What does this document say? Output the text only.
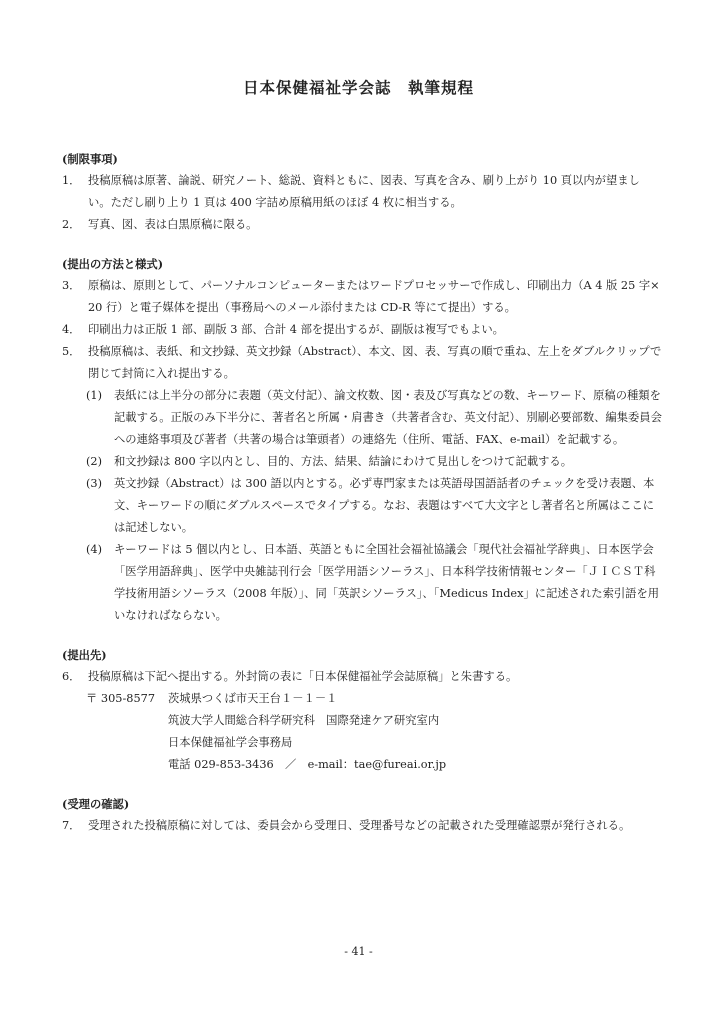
日本保健福祉学会誌　執筆規程
(制限事項)
1． 投稿原稿は原著、論説、研究ノート、総説、資料ともに、図表、写真を含み、刷り上がり 10 頁以内が望ましい。ただし刷り上り 1 頁は 400 字詰め原稿用紙のほぼ 4 枚に相当する。
2． 写真、図、表は白黒原稿に限る。
(提出の方法と様式)
3． 原稿は、原則として、パーソナルコンピューターまたはワードプロセッサーで作成し、印刷出力（A 4 版 25 字× 20 行）と電子媒体を提出（事務局へのメール添付または CD-R 等にて提出）する。
4． 印刷出力は正版 1 部、副版 3 部、合計 4 部を提出するが、副版は複写でもよい。
5． 投稿原稿は、表紙、和文抄録、英文抄録（Abstract）、本文、図、表、写真の順で重ね、左上をダブルクリップで閉じて封筒に入れ提出する。
(1)	表紙には上半分の部分に表題（英文付記）、論文枚数、図・表及び写真などの数、キーワード、原稿の種類を記載する。正版のみ下半分に、著者名と所属・肩書き（共著者含む、英文付記）、別刷必要部数、編集委員会への連絡事項及び著者（共著の場合は筆頭者）の連絡先（住所、電話、FAX、e-mail）を記載する。
(2)	和文抄録は 800 字以内とし、目的、方法、結果、結論にわけて見出しをつけて記載する。
(3)	英文抄録（Abstract）は 300 語以内とする。必ず専門家または英語母国語話者のチェックを受け表題、本文、キーワードの順にダブルスペースでタイプする。なお、表題はすべて大文字とし著者名と所属はここには記述しない。
(4)	キーワードは 5 個以内とし、日本語、英語ともに全国社会福祉協議会「現代社会福祉学辞典」、日本医学会「医学用語辞典」、医学中央雑誌刊行会「医学用語シソーラス」、日本科学技術情報センター「ＪＩＣＳＴ科学技術用語シソーラス（2008 年版）」、同「英訳シソーラス」、「Medicus Index」に記述された索引語を用いなければならない。
(提出先)
6． 投稿原稿は下記へ提出する。外封筒の表に「日本保健福祉学会誌原稿」と朱書する。
〒 305-8577	茨城県つくば市天王台１－１－１
筑波大学人間総合科学研究科　国際発達ケア研究室内
日本保健福祉学会事務局
電話 029-853-3436　／　e-mail：tae@fureai.or.jp
(受理の確認)
7． 受理された投稿原稿に対しては、委員会から受理日、受理番号などの記載された受理確認票が発行される。
- 41 -
